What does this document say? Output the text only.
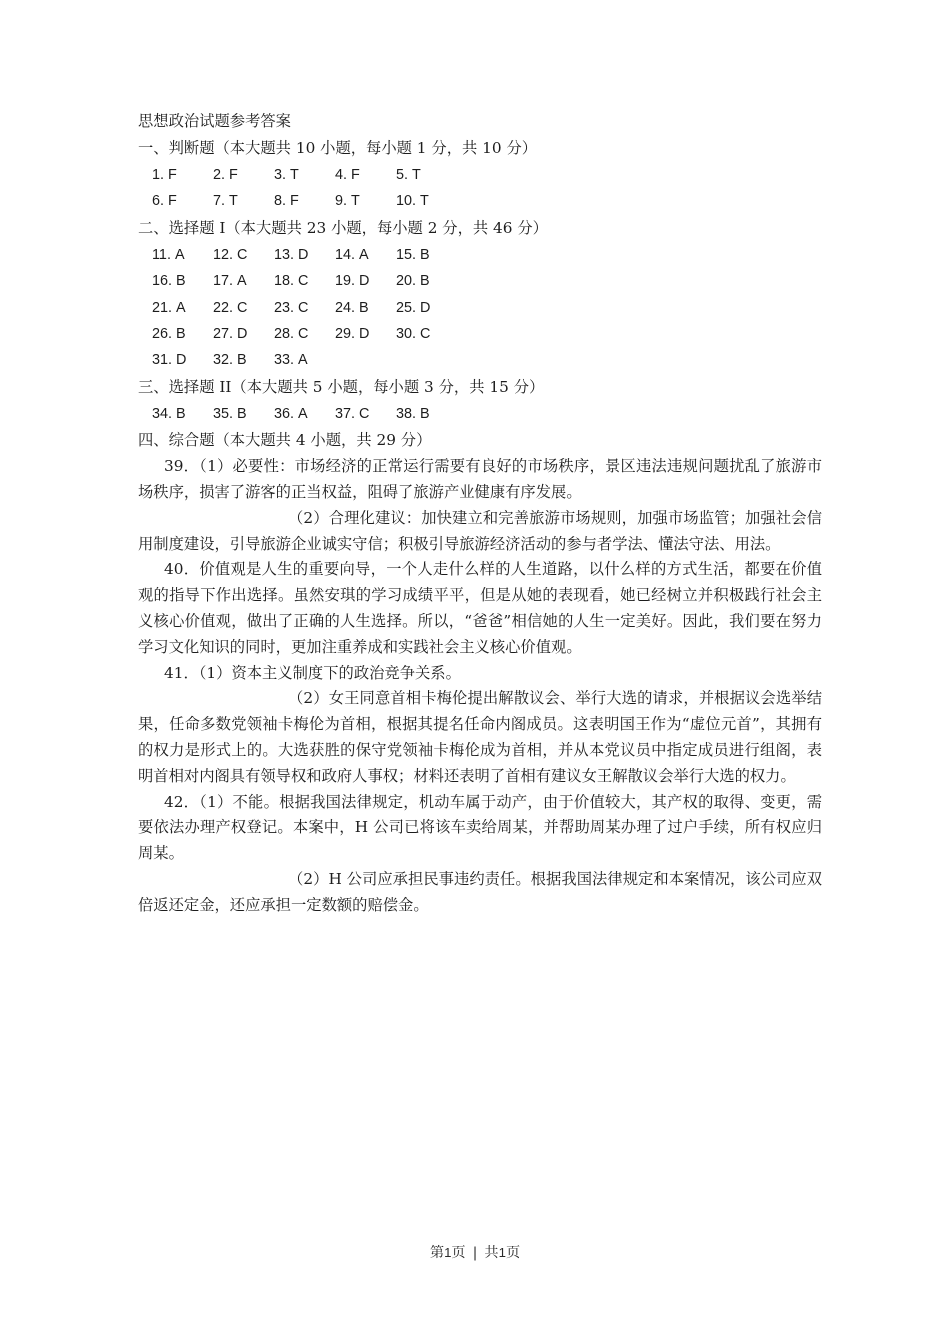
思想政治试题参考答案
一、判断题（本大题共 10 小题，每小题 1 分，共 10 分）
1. F	2. F	3. T	4. F	5. T
6. F	7. T	8. F	9. T	10. T
二、选择题 I（本大题共 23 小题，每小题 2 分，共 46 分）
11. A 12. C 13. D 14. A 15. B
16. B 17. A 18. C 19. D 20. B
21. A 22. C 23. C 24. B 25. D
26. B 27. D 28. C 29. D 30. C
31. D 32. B 33. A
三、选择题 II（本大题共 5 小题，每小题 3 分，共 15 分）
34. B 35. B 36. A 37. C 38. B
四、综合题（本大题共 4 小题，共 29 分）

39．（1）必要性：市场经济的正常运行需要有良好的市场秩序，景区违法违规问题扰乱了旅游市场秩序，损害了游客的正当权益，阻碍了旅游产业健康有序发展。

（2）合理化建议：加快建立和完善旅游市场规则，加强市场监管；加强社会信用制度建设，引导旅游企业诚实守信；积极引导旅游经济活动的参与者学法、懂法守法、用法。

40．价值观是人生的重要向导，一个人走什么样的人生道路，以什么样的方式生活，都要在价值观的指导下作出选择。虽然安琪的学习成绩平平，但是从她的表现看，她已经树立并积极践行社会主义核心价值观，做出了正确的人生选择。所以，“爸爸”相信她的人生一定美好。因此，我们要在努力学习文化知识的同时，更加注重养成和实践社会主义核心价值观。

41．（1）资本主义制度下的政治竞争关系。

（2）女王同意首相卡梅伦提出解散议会、举行大选的请求，并根据议会选举结果，任命多数党领袖卡梅伦为首相，根据其提名任命内阁成员。这表明国王作为“虚位元首”，其拥有的权力是形式上的。大选获胜的保守党领袖卡梅伦成为首相，并从本党议员中指定成员进行组阁，表明首相对内阁具有领导权和政府人事权；材料还表明了首相有建议女王解散议会举行大选的权力。

42．（1）不能。根据我国法律规定，机动车属于动产，由于价值较大，其产权的取得、变更，需要依法办理产权登记。本案中，H 公司已将该车卖给周某，并帮助周某办理了过户手续，所有权应归周某。

（2）H 公司应承担民事违约责任。根据我国法律规定和本案情况，该公司应双倍返还定金，还应承担一定数额的赔偿金。

第1页 | 共1页
